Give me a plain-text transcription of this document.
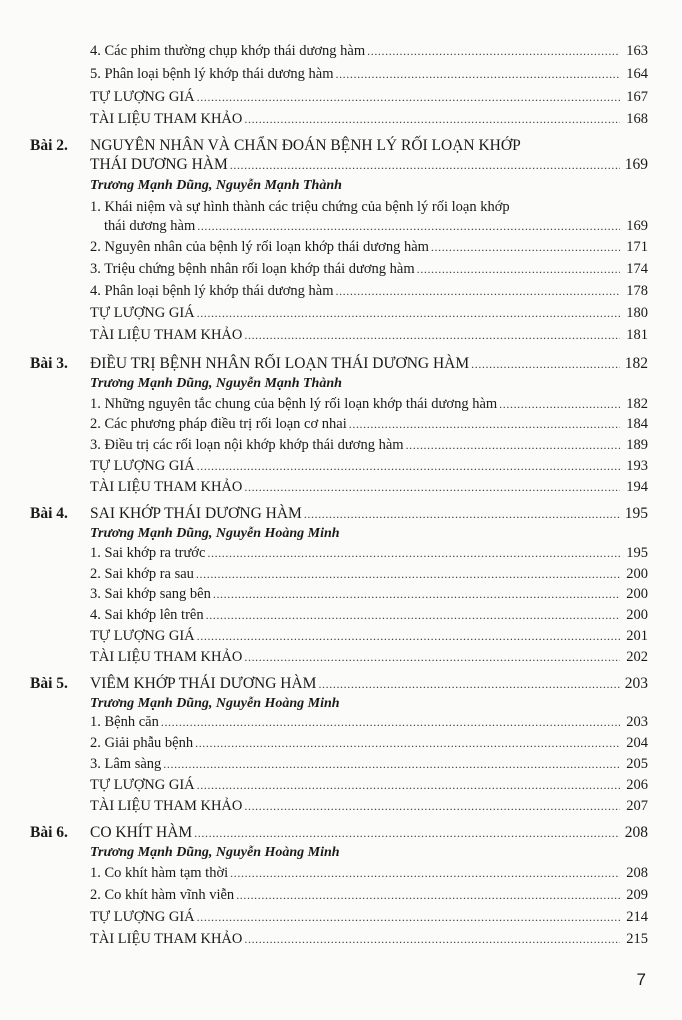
4. Các phim thường chụp khớp thái dương hàm .....	163
5. Phân loại bệnh lý khớp thái dương hàm .....	164
TỰ LƯỢNG GIÁ .....	167
TÀI LIỆU THAM KHẢO .....	168
Bài 2. NGUYÊN NHÂN VÀ CHẨN ĐOÁN BỆNH LÝ RỐI LOẠN KHỚP
THÁI DƯƠNG HÀM .....	169
Trương Mạnh Dũng, Nguyễn Mạnh Thành
1. Khái niệm và sự hình thành các triệu chứng của bệnh lý rối loạn khớp
thái dương hàm .....	169
2. Nguyên nhân của bệnh lý rối loạn khớp thái dương hàm .....	171
3. Triệu chứng bệnh nhân rối loạn khớp thái dương hàm .....	174
4. Phân loại bệnh lý khớp thái dương hàm .....	178
TỰ LƯỢNG GIÁ .....	180
TÀI LIỆU THAM KHẢO .....	181
Bài 3.	ĐIỀU TRỊ BỆNH NHÂN RỐI LOẠN THÁI DƯƠNG HÀM .....	182
Trương Mạnh Dũng, Nguyễn Mạnh Thành
1. Những nguyên tắc chung của bệnh lý rối loạn khớp thái dương hàm .....	182
2. Các phương pháp điều trị rối loạn cơ nhai .....	184
3. Điều trị các rối loạn nội khớp khớp thái dương hàm .....	189
TỰ LƯỢNG GIÁ .....	193
TÀI LIỆU THAM KHẢO .....	194
Bài 4.	SAI KHỚP THÁI DƯƠNG HÀM .....	195
Trương Mạnh Dũng, Nguyễn Hoàng Minh
1. Sai khớp ra trước .....	195
2. Sai khớp ra sau .....	200
3. Sai khớp sang bên .....	200
4. Sai khớp lên trên .....	200
TỰ LƯỢNG GIÁ .....	201
TÀI LIỆU THAM KHẢO .....	202
Bài 5.	VIÊM KHỚP THÁI DƯƠNG HÀM .....	203
Trương Mạnh Dũng, Nguyễn Hoàng Minh
1. Bệnh căn .....	203
2. Giải phẫu bệnh .....	204
3. Lâm sàng .....	205
TỰ LƯỢNG GIÁ .....	206
TÀI LIỆU THAM KHẢO .....	207
Bài 6.	CO KHÍT HÀM .....	208
Trương Mạnh Dũng, Nguyễn Hoàng Minh
1. Co khít hàm tạm thời .....	208
2. Co khít hàm vĩnh viễn .....	209
TỰ LƯỢNG GIÁ .....	214
TÀI LIỆU THAM KHẢO .....	215
7
